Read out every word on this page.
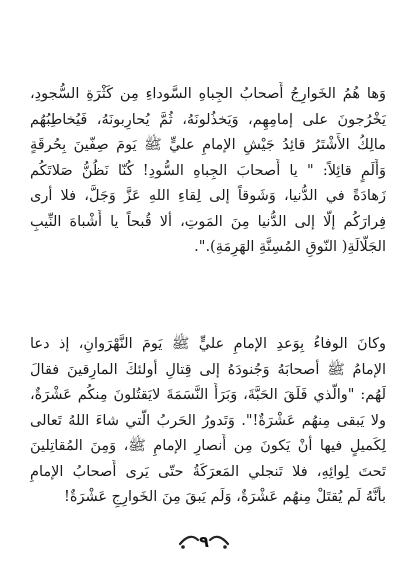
وَها هُمُ الخَوارِجُ أَصحابُ الجِباهِ السَّوداءِ مِن كَثْرَةِ السُّجودِ،
يَخْرُجونَ على إمامِهِم، وَيَخذُلونَهُ، ثُمَّ يُحارِبونَهُ، فَيُخاطِبُهُم
مالِكُ الأَشْتَرُ قائِدُ جَيْشِ الإمامِ عليٍّ ﷺ يَومَ صِفّينَ بِحُرقَةٍ
وَأَلَمٍ قائِلاً: " يا أَصحابَ الجِباهِ السُّودِ! كُنّا نَظُنُّ صَلاتَكُم
زَهادَةً في الدُّنيا، وَشَوقاً إلى لِقاءِ اللهِ عَزَّ وَجَلَّ، فلا أرى
فِرارَكُم إلّا إلى الدُّنيا مِنَ المَوتِ، ألا قُبحاً يا أَشْباهَ النِّيبِ
الجَلّالَةِ( النّوقِ المُسِنَّةِ الهَرِمَةِ).".
وكانَ الوفاءُ بِوَعدِ الإمامِ عليٍّ ﷺ يَومَ النَّهْرَوانِ، إذ دعا
الإمامُ ﷺ أصحابَهُ وَجُنودَهُ إلى قِتالِ أولئكَ المارِقينَ فقالَ
لَهُم: "والَّذي فَلَقَ الحَبَّةَ، وَبَرَأَ النَّسَمَةَ لايَقتُلونَ مِنكُم عَشْرَةٌ،
ولا يَبقى مِنهُم عَشْرَةٌ!". وَتَدورُ الحَربُ الّتي شاءَ اللهُ تَعالى
لِكَميلٍ فيها أنْ يَكونَ مِن أَنصارِ الإمامِ ﷺ، وَمِنَ المُقاتِلينَ
تَحتَ لِوائِهِ، فلا تَنجلي المَعرَكَةُ حتّى يَرى أَصحابُ الإمامِ
بأنَّهُ لَم يُقتَلْ مِنهُم عَشْرَةٌ، وَلَم يَبقَ مِنَ الخَوارِجِ عَشْرَةٌ!
٩
